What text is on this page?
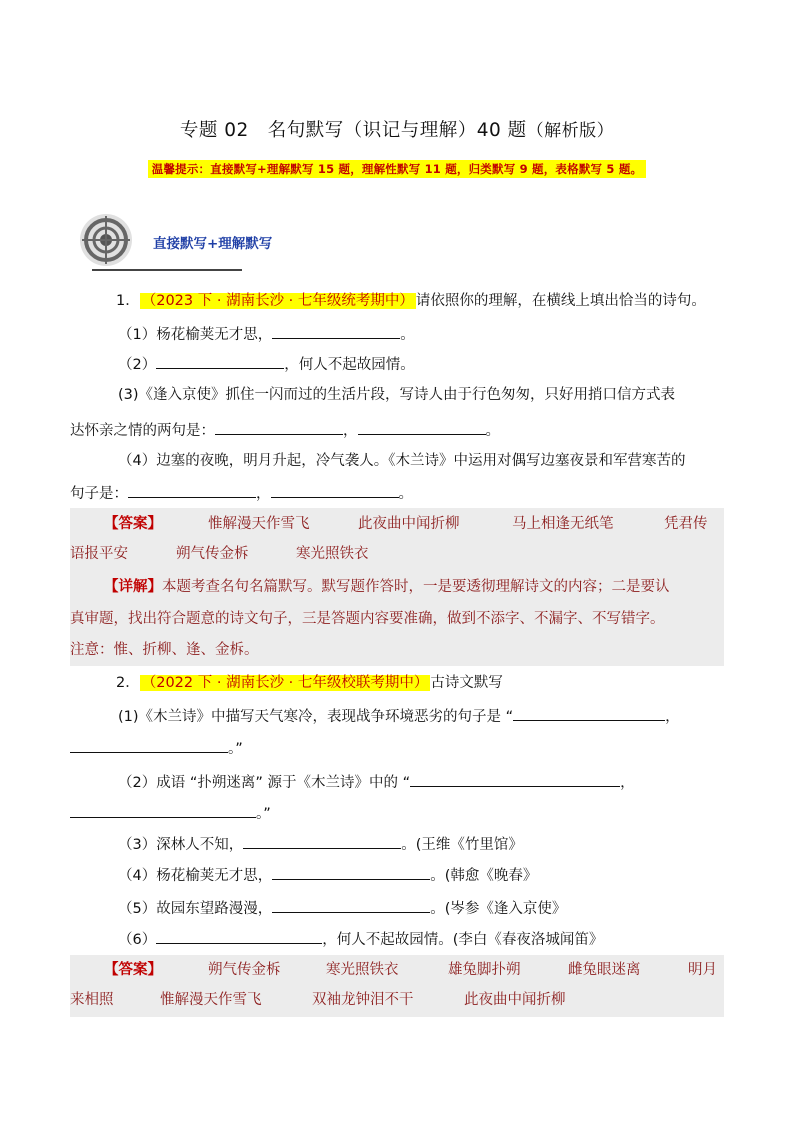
专题 02　名句默写（识记与理解）40 题（解析版）
温馨提示：直接默写+理解默写 15 题，理解性默写 11 题，归类默写 9 题，表格默写 5 题。
直接默写+理解默写
1． （2023 下 · 湖南长沙 · 七年级统考期中） 请依照你的理解，在横线上填出恰当的诗句。
（1）杨花榆荚无才思，	。
（2）	，何人不起故园情。
(3)《逢入京使》抓住一闪而过的生活片段，写诗人由于行色匆匆，只好用捎口信方式表
达怀亲之情的两句是：	，	。
（4）边塞的夜晚，明月升起，冷气袭人。《木兰诗》中运用对偶写边塞夜景和军营寒苦的
句子是：	，	。
【答案】	惟解漫天作雪飞	此夜曲中闻折柳	马上相逢无纸笔	凭君传
语报平安	朔气传金柝	寒光照铁衣
【详解】本题考查名句名篇默写。默写题作答时，一是要透彻理解诗文的内容；二是要认
真审题，找出符合题意的诗文句子，三是答题内容要准确，做到不添字、不漏字、不写错字。
注意：惟、折柳、逢、金柝。
2． （2022 下 · 湖南长沙 · 七年级校联考期中） 古诗文默写
(1)《木兰诗》中描写天气寒冷，表现战争环境恶劣的句子是 “	，
。”
（2）成语 “扑朔迷离” 源于《木兰诗》中的 “	，
。”
（3）深林人不知，	。(王维《竹里馆》
（4）杨花榆荚无才思，	。(韩愈《晚春》
（5）故园东望路漫漫，	。(岑参《逢入京使》
（6）	，何人不起故园情。(李白《春夜洛城闻笛》
【答案】	朔气传金柝	寒光照铁衣	雄兔脚扑朔	雌兔眼迷离	明月
来相照	惟解漫天作雪飞	双袖龙钟泪不干	此夜曲中闻折柳
